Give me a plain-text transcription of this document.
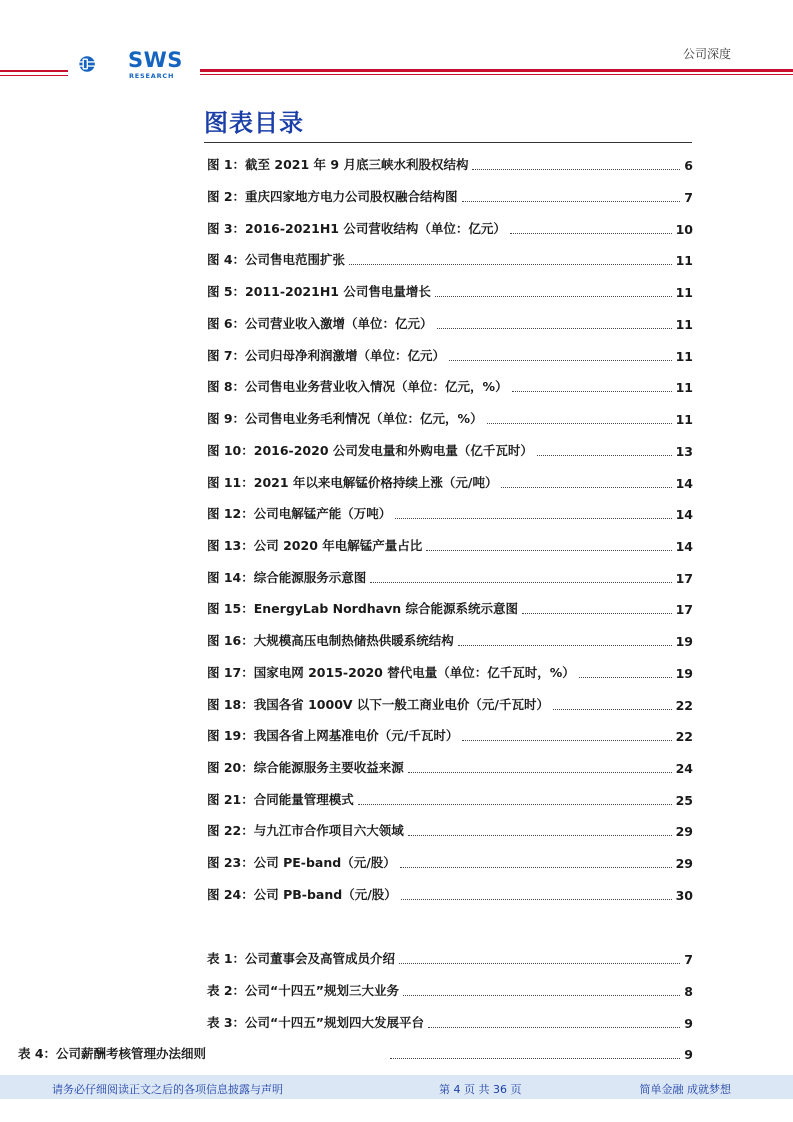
SWS
RESEARCH
公司深度
图表目录
图 1：截至 2021 年 9 月底三峡水利股权结构	6
图 2：重庆四家地方电力公司股权融合结构图	7
图 3：2016-2021H1 公司营收结构（单位：亿元）	10
图 4：公司售电范围扩张	11
图 5：2011-2021H1 公司售电量增长	11
图 6：公司营业收入激增（单位：亿元）	11
图 7：公司归母净利润激增（单位：亿元）	11
图 8：公司售电业务营业收入情况（单位：亿元，%）	11
图 9：公司售电业务毛利情况（单位：亿元，%）	11
图 10：2016-2020 公司发电量和外购电量（亿千瓦时）	13
图 11：2021 年以来电解锰价格持续上涨（元/吨）	14
图 12：公司电解锰产能（万吨）	14
图 13：公司 2020 年电解锰产量占比	14
图 14：综合能源服务示意图	17
图 15：EnergyLab Nordhavn 综合能源系统示意图	17
图 16：大规模高压电制热储热供暖系统结构	19
图 17：国家电网 2015-2020 替代电量（单位：亿千瓦时，%）	19
图 18：我国各省 1000V 以下一般工商业电价（元/千瓦时）	22
图 19：我国各省上网基准电价（元/千瓦时）	22
图 20：综合能源服务主要收益来源	24
图 21：合同能量管理模式	25
图 22：与九江市合作项目六大领域	29
图 23：公司 PE-band（元/股）	29
图 24：公司 PB-band（元/股）	30
表 1：公司董事会及高管成员介绍	7
表 2：公司“十四五”规划三大业务	8
表 3：公司“十四五”规划四大发展平台	9
表 4：公司薪酬考核管理办法细则	9
请务必仔细阅读正文之后的各项信息披露与声明	第 4 页 共 36 页	简单金融 成就梦想
